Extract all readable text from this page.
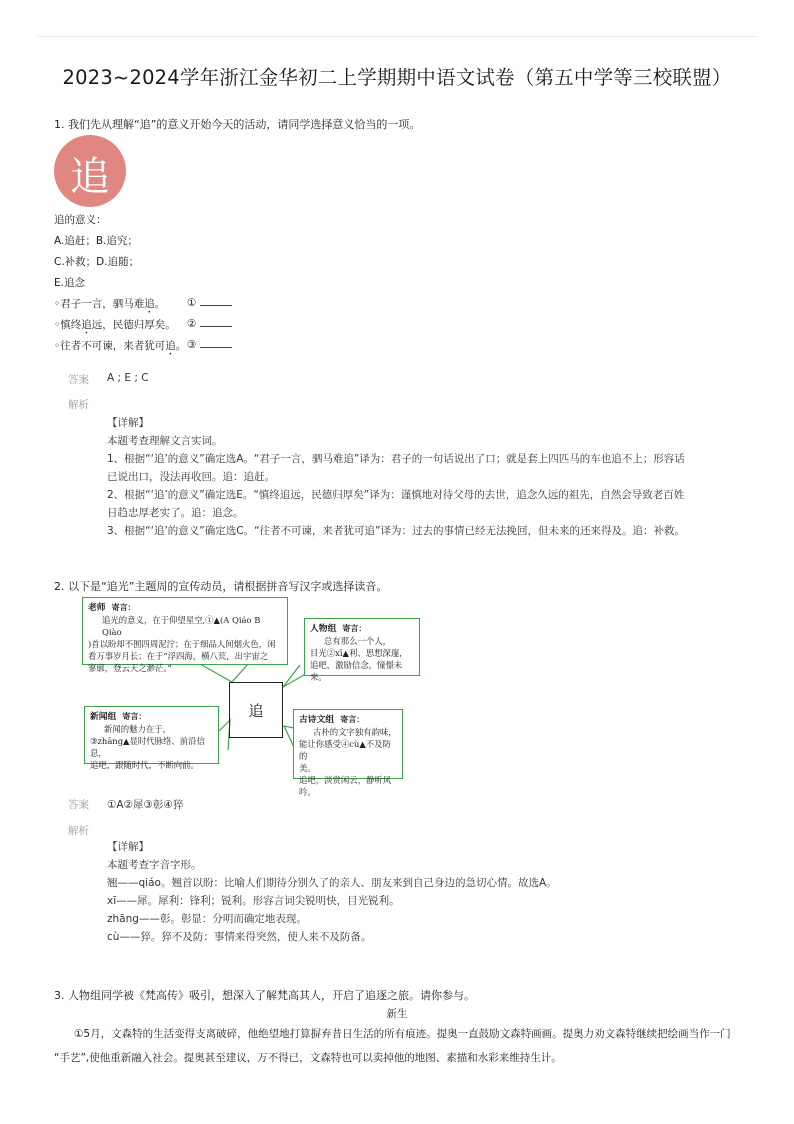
2023~2024学年浙江金华初二上学期期中语文试卷（第五中学等三校联盟）
1. 我们先从理解“追”的意义开始今天的活动，请同学选择意义恰当的一项。
追
追的意义：
A.追赶；B.追究；
C.补救；D.追随；
E.追念
◦君子一言，驷马难追。 ①
◦慎终追远，民德归厚矣。 ②
◦往者不可谏，来者犹可追。 ③
答案 A ; E ; C
解析
【详解】
本题考查理解文言实词。
1、根据“‘追’的意义”确定选A。“君子一言，驷马难追”译为：君子的一句话说出了口；就是套上四匹马的车也追不上；形容话
已说出口，没法再收回。追：追赶。
2、根据“‘追’的意义”确定选E。“慎终追远，民德归厚矣”译为：谨慎地对待父母的去世，追念久远的祖先，自然会导致老百姓
日趋忠厚老实了。追：追念。
3、根据“‘追’的意义”确定选C。“往者不可谏，来者犹可追”译为：过去的事情已经无法挽回，但未来的还来得及。追：补救。
2. 以下是“追光”主题周的宣传动员，请根据拼音写汉字或选择读音。
老师 寄言：
追光的意义，在于仰望星空,①▲(A Qiáo B Qiào
)首以盼却不囿四周泥泞；在于细品人间烟火色，闲
看万事岁月长；在于“浮四海，横八荒，出宇宙之
寥廓，登云天之渺茫。”
人物组 寄言：
总有那么一个人，
目光②xī▲利、思想深邃，
追吧，激励信念，憧憬未来。
追
新闻组 寄言：
新闻的魅力在于，
③zhāng▲显时代脉络、前沿信息，
追吧，跟随时代，不断向前。
古诗文组 寄言：
古朴的文字独有韵味，
能让你感受④cù▲不及防的
美。
追吧，淡赏闲云，静听风吟。
答案 ①A②犀③彰④猝
解析
【详解】
本题考查字音字形。
翘——qiáo。翘首以盼：比喻人们期待分别久了的亲人、朋友来到自己身边的急切心情。故选A。
xī——犀。犀利：锋利；锐利。形容言词尖锐明快，目光锐利。
zhāng——彰。彰显：分明而确定地表现。
cù——猝。猝不及防：事情来得突然，使人来不及防备。
3. 人物组同学被《梵高传》吸引，想深入了解梵高其人，开启了追逐之旅。请你参与。
新生
①5月，文森特的生活变得支离破碎，他绝望地打算摒弃昔日生活的所有痕迹。提奥一直鼓励文森特画画。提奥力劝文森特继续把绘画当作一门
“手艺”,使他重新融入社会。提奥甚至建议，万不得已，文森特也可以卖掉他的地图、素描和水彩来维持生计。
